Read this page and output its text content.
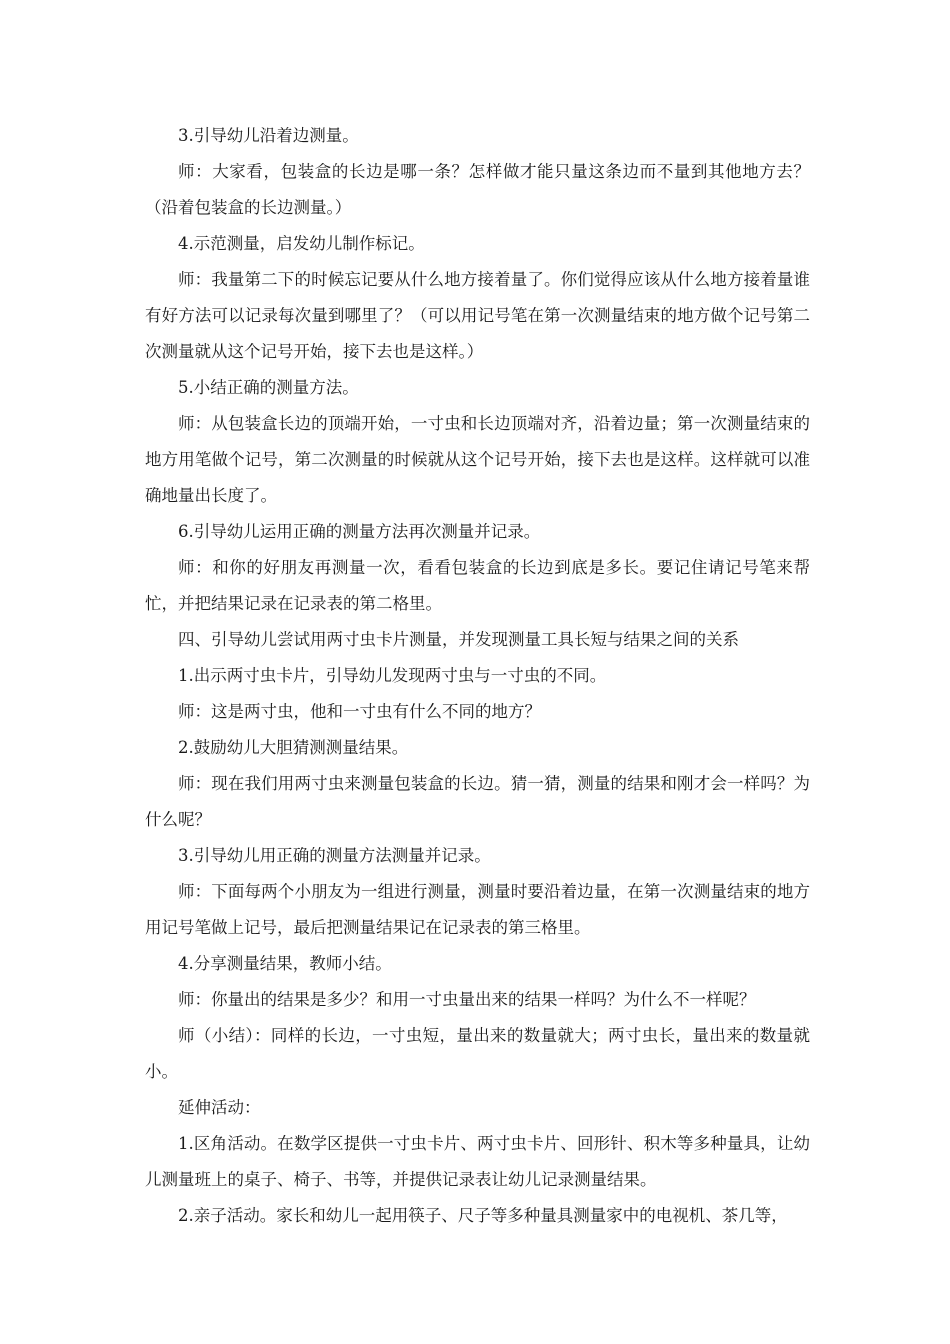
3.引导幼儿沿着边测量。

师：大家看，包装盒的长边是哪一条？怎样做才能只量这条边而不量到其他地方去？（沿着包装盒的长边测量。）

4.示范测量，启发幼儿制作标记。

师：我量第二下的时候忘记要从什么地方接着量了。你们觉得应该从什么地方接着量谁有好方法可以记录每次量到哪里了？（可以用记号笔在第一次测量结束的地方做个记号第二次测量就从这个记号开始，接下去也是这样。）

5.小结正确的测量方法。

师：从包装盒长边的顶端开始，一寸虫和长边顶端对齐，沿着边量；第一次测量结束的地方用笔做个记号，第二次测量的时候就从这个记号开始，接下去也是这样。这样就可以准确地量出长度了。

6.引导幼儿运用正确的测量方法再次测量并记录。

师：和你的好朋友再测量一次，看看包装盒的长边到底是多长。要记住请记号笔来帮忙，并把结果记录在记录表的第二格里。

四、引导幼儿尝试用两寸虫卡片测量，并发现测量工具长短与结果之间的关系

1.出示两寸虫卡片，引导幼儿发现两寸虫与一寸虫的不同。

师：这是两寸虫，他和一寸虫有什么不同的地方？

2.鼓励幼儿大胆猜测测量结果。

师：现在我们用两寸虫来测量包装盒的长边。猜一猜，测量的结果和刚才会一样吗？为什么呢？

3.引导幼儿用正确的测量方法测量并记录。

师：下面每两个小朋友为一组进行测量，测量时要沿着边量，在第一次测量结束的地方用记号笔做上记号，最后把测量结果记在记录表的第三格里。

4.分享测量结果，教师小结。

师：你量出的结果是多少？和用一寸虫量出来的结果一样吗？为什么不一样呢？

师（小结）：同样的长边，一寸虫短，量出来的数量就大；两寸虫长，量出来的数量就小。

延伸活动：

1.区角活动。在数学区提供一寸虫卡片、两寸虫卡片、回形针、积木等多种量具，让幼儿测量班上的桌子、椅子、书等，并提供记录表让幼儿记录测量结果。

2.亲子活动。家长和幼儿一起用筷子、尺子等多种量具测量家中的电视机、茶几等，
